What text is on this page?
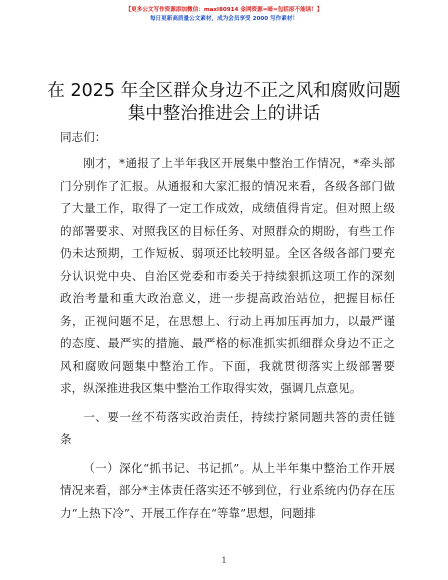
【更多公文写作资源添加微信：maxl80914 金网资源=暗=包括原不能读！】
每日更新高质量公文素材，成为会员享受 2000 写作素材！
在 2025 年全区群众身边不正之风和腐败问题集中整治推进会上的讲话

同志们：

刚才，*通报了上半年我区开展集中整治工作情况，*牵头部门分别作了汇报。从通报和大家汇报的情况来看，各级各部门做了大量工作，取得了一定工作成效，成绩值得肯定。但对照上级的部署要求、对照我区的目标任务、对照群众的期盼，有些工作仍未达预期，工作短板、弱项还比较明显。全区各级各部门要充分认识党中央、自治区党委和市委关于持续狠抓这项工作的深刻政治考量和重大政治意义，进一步提高政治站位，把握目标任务，正视问题不足，在思想上、行动上再加压再加力，以最严谨的态度、最严实的措施、最严格的标准抓实抓细群众身边不正之风和腐败问题集中整治工作。下面，我就贯彻落实上级部署要求，纵深推进我区集中整治工作取得实效，强调几点意见。

一、要一丝不苟落实政治责任，持续拧紧同题共答的责任链条

（一）深化“抓书记、书记抓”。从上半年集中整治工作开展情况来看，部分*主体责任落实还不够到位，行业系统内仍存在压力“上热下冷”、开展工作存在“等靠”思想，问题排

1
